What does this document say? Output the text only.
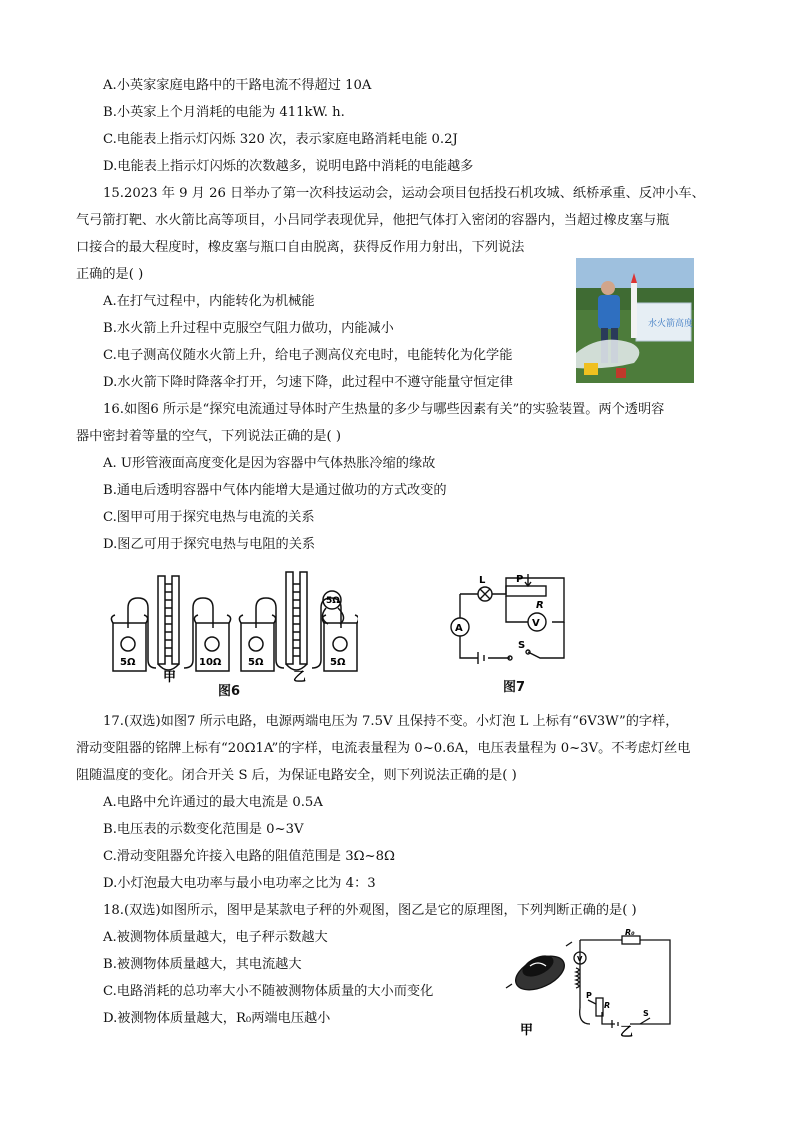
A.小英家家庭电路中的干路电流不得超过 10A
B.小英家上个月消耗的电能为 411kW. h.
C.电能表上指示灯闪烁 320 次，表示家庭电路消耗电能 0.2J
D.电能表上指示灯闪烁的次数越多，说明电路中消耗的电能越多
15.2023 年 9 月 26 日举办了第一次科技运动会，运动会项目包括投石机攻城、纸桥承重、反冲小车、
气弓箭打靶、水火箭比高等项目，小吕同学表现优异，他把气体打入密闭的容器内，当超过橡皮塞与瓶
口接合的最大程度时，橡皮塞与瓶口自由脱离，获得反作用力射出，下列说法
正确的是( )
A.在打气过程中，内能转化为机械能
B.水火箭上升过程中克服空气阻力做功，内能减小
C.电子测高仪随水火箭上升，给电子测高仪充电时，电能转化为化学能
D.水火箭下降时降落伞打开，匀速下降，此过程中不遵守能量守恒定律
水火箭高度
16.如图6 所示是“探究电流通过导体时产生热量的多少与哪些因素有关”的实验装置。两个透明容
器中密封着等量的空气，下列说法正确的是( )
A. U形管液面高度变化是因为容器中气体热胀冷缩的缘故
B.通电后透明容器中气体内能增大是通过做功的方式改变的
C.图甲可用于探究电热与电流的关系
D.图乙可用于探究电热与电阻的关系
5Ω	10Ω	5Ω	5Ω
5Ω
甲	乙
图6
L	P
R
A	V
S
图7
17.(双选)如图7 所示电路，电源两端电压为 7.5V 且保持不变。小灯泡 L 上标有“6V3W”的字样，
滑动变阻器的铭牌上标有“20Ω1A”的字样，电流表量程为 0~0.6A，电压表量程为 0~3V。不考虑灯丝电
阻随温度的变化。闭合开关 S 后，为保证电路安全，则下列说法正确的是( )
A.电路中允许通过的最大电流是 0.5A
B.电压表的示数变化范围是 0~3V
C.滑动变阻器允许接入电路的阻值范围是 3Ω~8Ω
D.小灯泡最大电功率与最小电功率之比为 4：3
18.(双选)如图所示，图甲是某款电子秤的外观图，图乙是它的原理图，下列判断正确的是( )
A.被测物体质量越大，电子秤示数越大
B.被测物体质量越大，其电流越大
C.电路消耗的总功率大小不随被测物体质量的大小而变化
D.被测物体质量越大，R₀两端电压越小
R₀
V
P
R
S
甲	乙
